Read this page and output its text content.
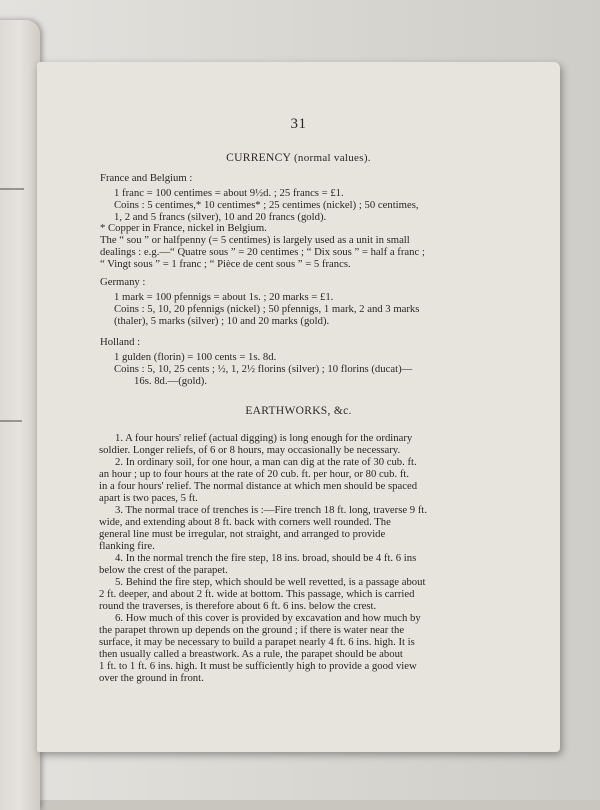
31
CURRENCY (normal values).
France and Belgium :
1 franc = 100 centimes = about 9½d. ; 25 francs = £1.
Coins : 5 centimes,* 10 centimes* ; 25 centimes (nickel) ; 50 centimes,
1, 2 and 5 francs (silver), 10 and 20 francs (gold).
* Copper in France, nickel in Belgium.
The “ sou ” or halfpenny (= 5 centimes) is largely used as a unit in small
dealings : e.g.—“ Quatre sous ” = 20 centimes ; “ Dix sous ” = half a franc ;
“ Vingt sous ” = 1 franc ; “ Pièce de cent sous ” = 5 francs.
Germany :
1 mark = 100 pfennigs = about 1s. ; 20 marks = £1.
Coins : 5, 10, 20 pfennigs (nickel) ; 50 pfennigs, 1 mark, 2 and 3 marks
(thaler), 5 marks (silver) ; 10 and 20 marks (gold).
Holland :
1 gulden (florin) = 100 cents = 1s. 8d.
Coins : 5, 10, 25 cents ; ½, 1, 2½ florins (silver) ; 10 florins (ducat)—
16s. 8d.—(gold).
EARTHWORKS, &c.
1. A four hours' relief (actual digging) is long enough for the ordinary
soldier. Longer reliefs, of 6 or 8 hours, may occasionally be necessary.
2. In ordinary soil, for one hour, a man can dig at the rate of 30 cub. ft.
an hour ; up to four hours at the rate of 20 cub. ft. per hour, or 80 cub. ft.
in a four hours' relief. The normal distance at which men should be spaced
apart is two paces, 5 ft.
3. The normal trace of trenches is :—Fire trench 18 ft. long, traverse 9 ft.
wide, and extending about 8 ft. back with corners well rounded. The
general line must be irregular, not straight, and arranged to provide
flanking fire.
4. In the normal trench the fire step, 18 ins. broad, should be 4 ft. 6 ins
below the crest of the parapet.
5. Behind the fire step, which should be well revetted, is a passage about
2 ft. deeper, and about 2 ft. wide at bottom. This passage, which is carried
round the traverses, is therefore about 6 ft. 6 ins. below the crest.
6. How much of this cover is provided by excavation and how much by
the parapet thrown up depends on the ground ; if there is water near the
surface, it may be necessary to build a parapet nearly 4 ft. 6 ins. high. It is
then usually called a breastwork. As a rule, the parapet should be about
1 ft. to 1 ft. 6 ins. high. It must be sufficiently high to provide a good view
over the ground in front.
